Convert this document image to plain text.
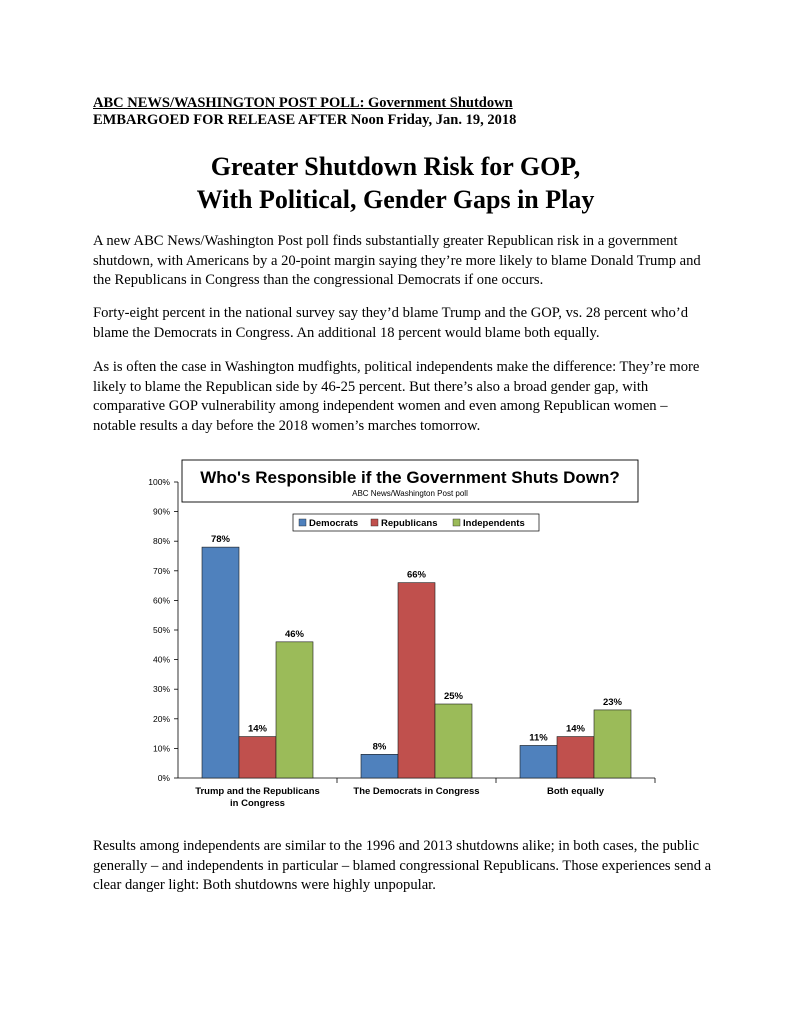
ABC NEWS/WASHINGTON POST POLL: Government Shutdown
EMBARGOED FOR RELEASE AFTER Noon Friday, Jan. 19, 2018
Greater Shutdown Risk for GOP,
With Political, Gender Gaps in Play

A new ABC News/Washington Post poll finds substantially greater Republican risk in a government shutdown, with Americans by a 20-point margin saying they’re more likely to blame Donald Trump and the Republicans in Congress than the congressional Democrats if one occurs.

Forty-eight percent in the national survey say they’d blame Trump and the GOP, vs. 28 percent who’d blame the Democrats in Congress. An additional 18 percent would blame both equally.

As is often the case in Washington mudfights, political independents make the difference: They’re more likely to blame the Republican side by 46-25 percent. But there’s also a broad gender gap, with comparative GOP vulnerability among independent women and even among Republican women – notable results a day before the 2018 women’s marches tomorrow.

0%
10%
20%
30%
40%
50%
60%
70%
80%
90%
100%
78%
14%
46%
Trump and the Republicans
in Congress
8%
66%
25%
The Democrats in Congress
11%
14%
23%
Both equally
Who's Responsible if the Government Shuts Down?
ABC News/Washington Post poll
Democrats Republicans	Independents

Results among independents are similar to the 1996 and 2013 shutdowns alike; in both cases, the public generally – and independents in particular – blamed congressional Republicans. Those experiences send a clear danger light: Both shutdowns were highly unpopular.
